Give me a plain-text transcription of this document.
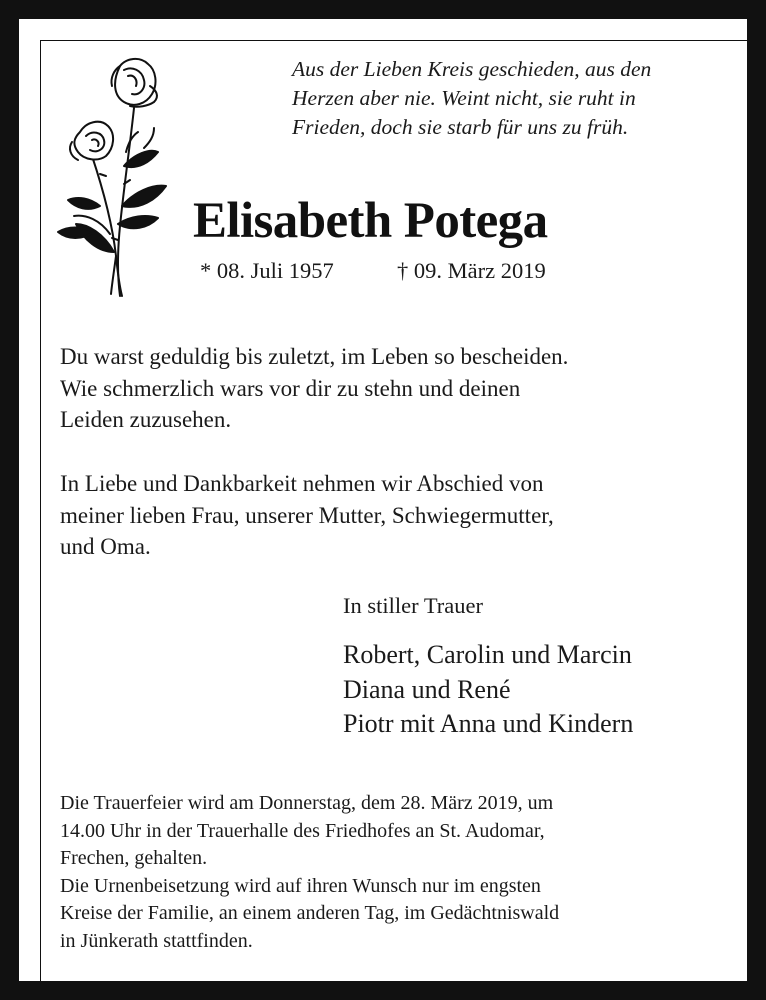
Aus der Lieben Kreis geschieden, aus den
Herzen aber nie. Weint nicht, sie ruht in
Frieden, doch sie starb für uns zu früh.
Elisabeth Potega
* 08. Juli 1957	† 09. März 2019
Du warst geduldig bis zuletzt, im Leben so bescheiden.
Wie schmerzlich wars vor dir zu stehn und deinen
Leiden zuzusehen.
In Liebe und Dankbarkeit nehmen wir Abschied von
meiner lieben Frau, unserer Mutter, Schwiegermutter,
und Oma.
In stiller Trauer
Robert, Carolin und Marcin
Diana und René
Piotr mit Anna und Kindern
Die Trauerfeier wird am Donnerstag, dem 28. März 2019, um
14.00 Uhr in der Trauerhalle des Friedhofes an St. Audomar,
Frechen, gehalten.
Die Urnenbeisetzung wird auf ihren Wunsch nur im engsten
Kreise der Familie, an einem anderen Tag, im Gedächtniswald
in Jünkerath stattfinden.
